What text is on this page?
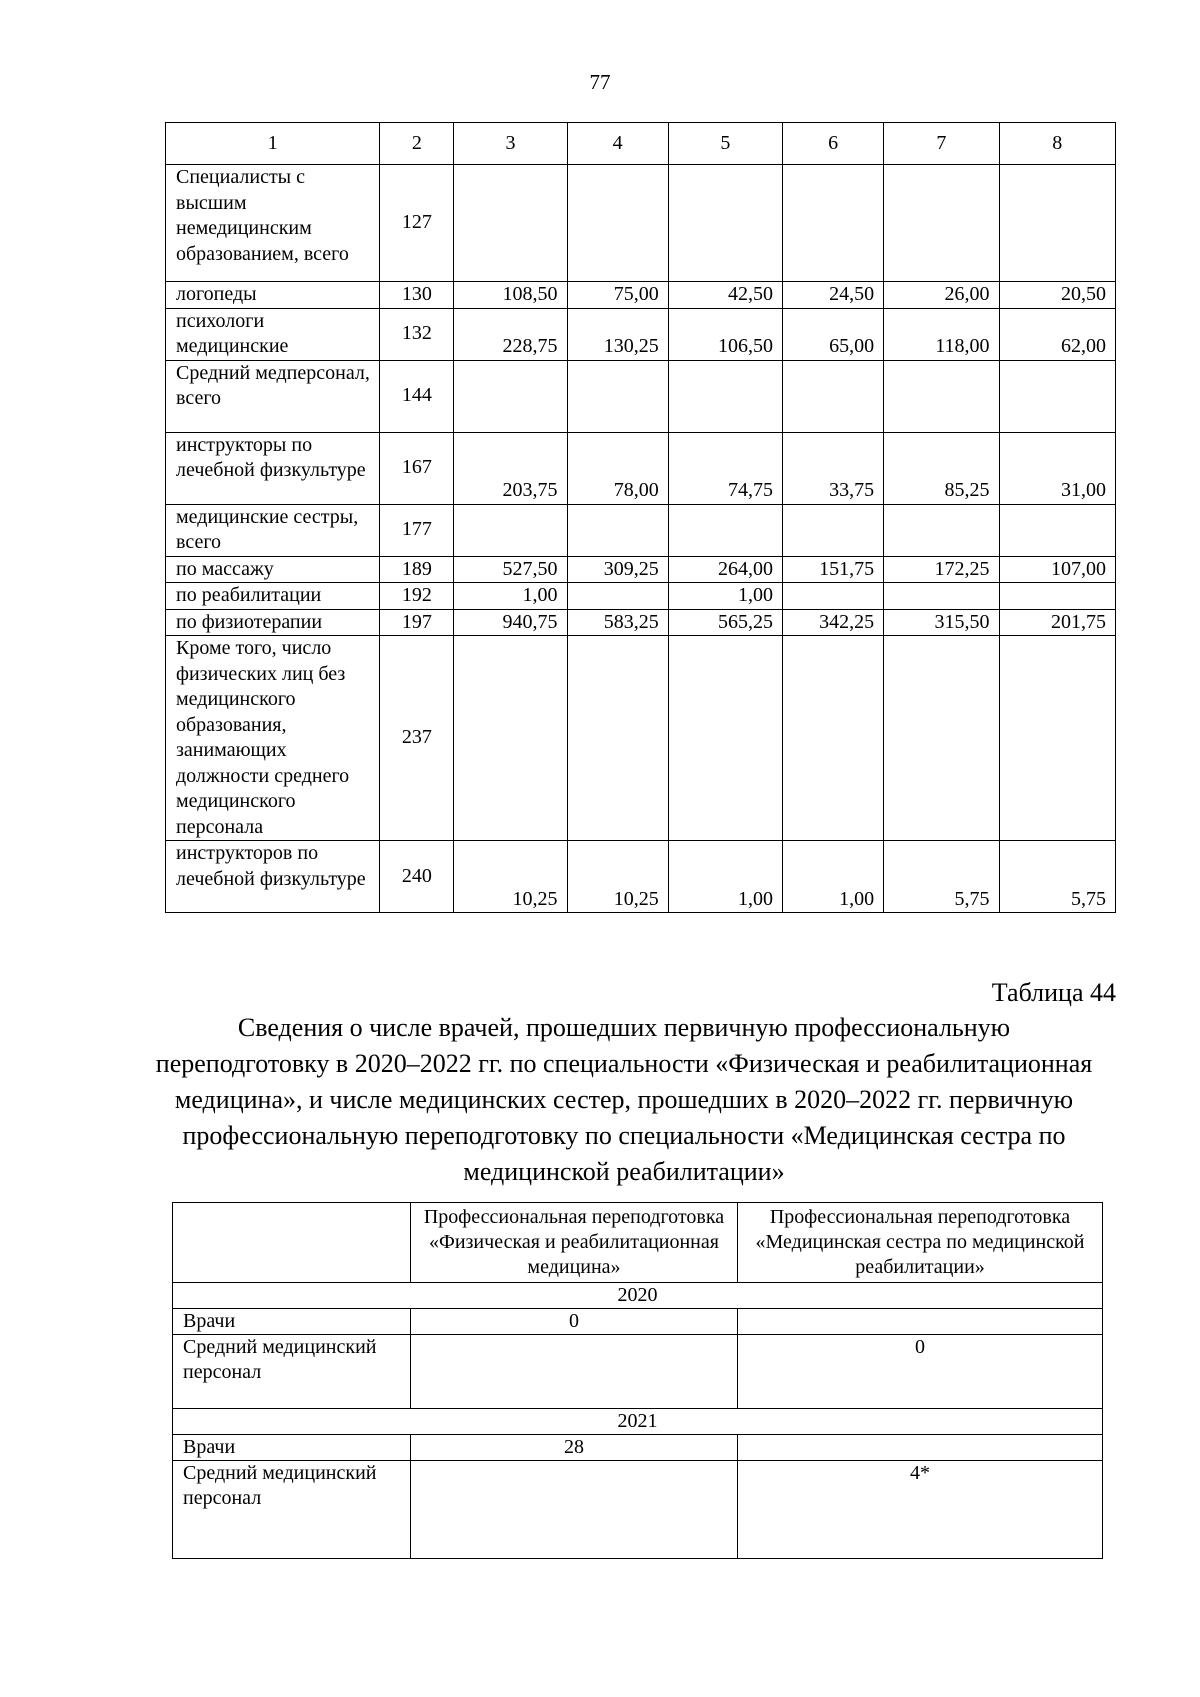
77
1	2	3	4	5	6	7	8
Специалисты с высшим немедицинским образованием, всего	127						
логопеды	130	108,50	75,00	42,50	24,50	26,00	20,50
психологи медицинские	132	228,75	130,25	106,50	65,00	118,00	62,00
Средний медперсонал, всего	144						
инструкторы по лечебной физкультуре	167	203,75	78,00	74,75	33,75	85,25	31,00
медицинские сестры, всего	177						
по массажу	189	527,50	309,25	264,00	151,75	172,25	107,00
по реабилитации	192	1,00		1,00			
по физиотерапии	197	940,75	583,25	565,25	342,25	315,50	201,75
Кроме того, число физических лиц без медицинского образования, занимающих должности среднего медицинского персонала	237						
инструкторов по лечебной физкультуре	240	10,25	10,25	1,00	1,00	5,75	5,75
Таблица 44
Сведения о числе врачей, прошедших первичную профессиональную переподготовку в 2020–2022 гг. по специальности «Физическая и реабилитационная медицина», и числе медицинских сестер, прошедших в 2020–2022 гг. первичную профессиональную переподготовку по специальности «Медицинская сестра по медицинской реабилитации»
	Профессиональная переподготовка «Физическая и реабилитационная медицина»	Профессиональная переподготовка «Медицинская сестра по медицинской реабилитации»
2020		
Врачи	0	
Средний медицинский персонал		0
2021		
Врачи	28	
Средний медицинский персонал		4*
